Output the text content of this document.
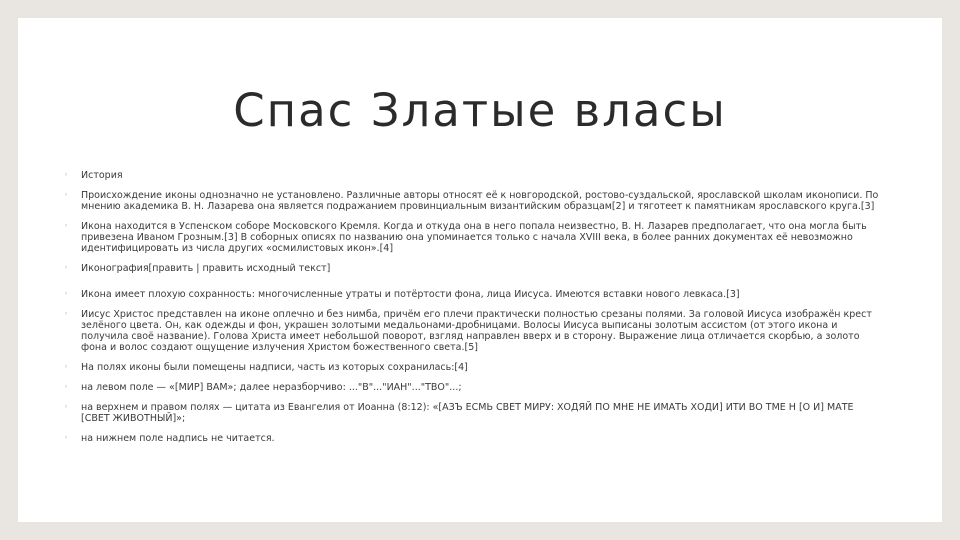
Спас Златые власы
◦ История
◦ Происхождение иконы однозначно не установлено. Различные авторы относят её к новгородской, ростово-суздальской, ярославской школам иконописи. По мнению академика В. Н. Лазарева она является подражанием провинциальным византийским образцам[2] и тяготеет к памятникам ярославского круга.[3]
◦ Икона находится в Успенском соборе Московского Кремля. Когда и откуда она в него попала неизвестно, В. Н. Лазарев предполагает, что она могла быть привезена Иваном Грозным.[3] В соборных описях по названию она упоминается только с начала XVIII века, в более ранних документах её невозможно идентифицировать из числа других «осмилистовых икон».[4]
◦ Иконография[править | править исходный текст]
◦ Икона имеет плохую сохранность: многочисленные утраты и потёртости фона, лица Иисуса. Имеются вставки нового левкаса.[3]
◦ Иисус Христос представлен на иконе оплечно и без нимба, причём его плечи практически полностью срезаны полями. За головой Иисуса изображён крест зелёного цвета. Он, как одежды и фон, украшен золотыми медальонами-дробницами. Волосы Иисуса выписаны золотым ассистом (от этого икона и получила своё название). Голова Христа имеет небольшой поворот, взгляд направлен вверх и в сторону. Выражение лица отличается скорбью, а золото фона и волос создают ощущение излучения Христом божественного света.[5]
◦ На полях иконы были помещены надписи, часть из которых сохранилась:[4]
◦ на левом поле — «[МИР] ВАМ»; далее неразборчиво: ..."В"..."ИАН"..."ТВО"...;
◦ на верхнем и правом полях — цитата из Евангелия от Иоанна (8:12): «[АЗЪ ЕСМЬ СВЕТ МИРУ: ХОДЯЙ ПО МНЕ НЕ ИМАТЬ ХОДИ] ИТИ ВО ТМЕ Н [О И] МАТЕ [СВЕТ ЖИВОТНЫЙ]»;
◦ на нижнем поле надпись не читается.
